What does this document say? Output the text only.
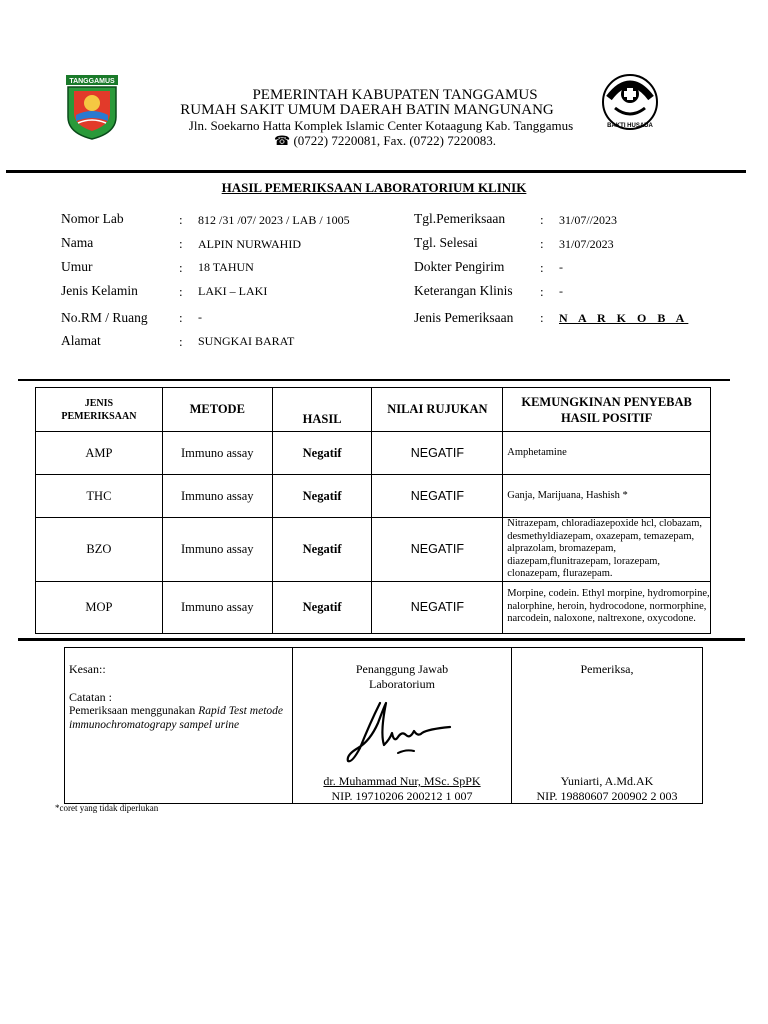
TANGGAMUS
BAKTI HUSADA
PEMERINTAH KABUPATEN TANGGAMUS
RUMAH SAKIT UMUM DAERAH BATIN MANGUNANG
Jln. Soekarno Hatta Komplek Islamic Center Kotaagung Kab. Tanggamus
☎ (0722) 7220081, Fax. (0722) 7220083.
HASIL PEMERIKSAAN LABORATORIUM KLINIK
Nomor Lab	: 812 /31 /07/ 2023 / LAB / 1005
Nama	: ALPIN NURWAHID
Umur	: 18 TAHUN
Jenis Kelamin	: LAKI – LAKI
No.RM / Ruang : -
Alamat	: SUNGKAI BARAT
Tgl.Pemeriksaan	: 31/07//2023
Tgl. Selesai	: 31/07/2023
Dokter Pengirim	: -
Keterangan Klinis : -
Jenis Pemeriksaan : N A R K O B A
JENIS
PEMERIKSAAN	METODE	HASIL	NILAI RUJUKAN	KEMUNGKINAN PENYEBAB
HASIL POSITIF
AMP	Immuno assay	Negatif	NEGATIF	Amphetamine
THC	Immuno assay	Negatif	NEGATIF	Ganja, Marijuana, Hashish *
BZO	Immuno assay	Negatif	NEGATIF	Nitrazepam, chloradiazepoxide hcl, clobazam, desmethyldiazepam, oxazepam, temazepam, alprazolam, bromazepam, diazepam,flunitrazepam, lorazepam, clonazepam, flurazepam.
MOP	Immuno assay	Negatif	NEGATIF	Morpine, codein. Ethyl morpine, hydromorpine, nalorphine, heroin, hydrocodone, normorphine, narcodein, naloxone, naltrexone, oxycodone.
Kesan::
Catatan :
Pemeriksaan menggunakan Rapid Test metode immunochromatograpy sampel urine
Penanggung Jawab
Laboratorium
dr. Muhammad Nur, MSc. SpPK
NIP. 19710206 200212 1 007
Pemeriksa,
Yuniarti, A.Md.AK
NIP. 19880607 200902 2 003
*coret yang tidak diperlukan
